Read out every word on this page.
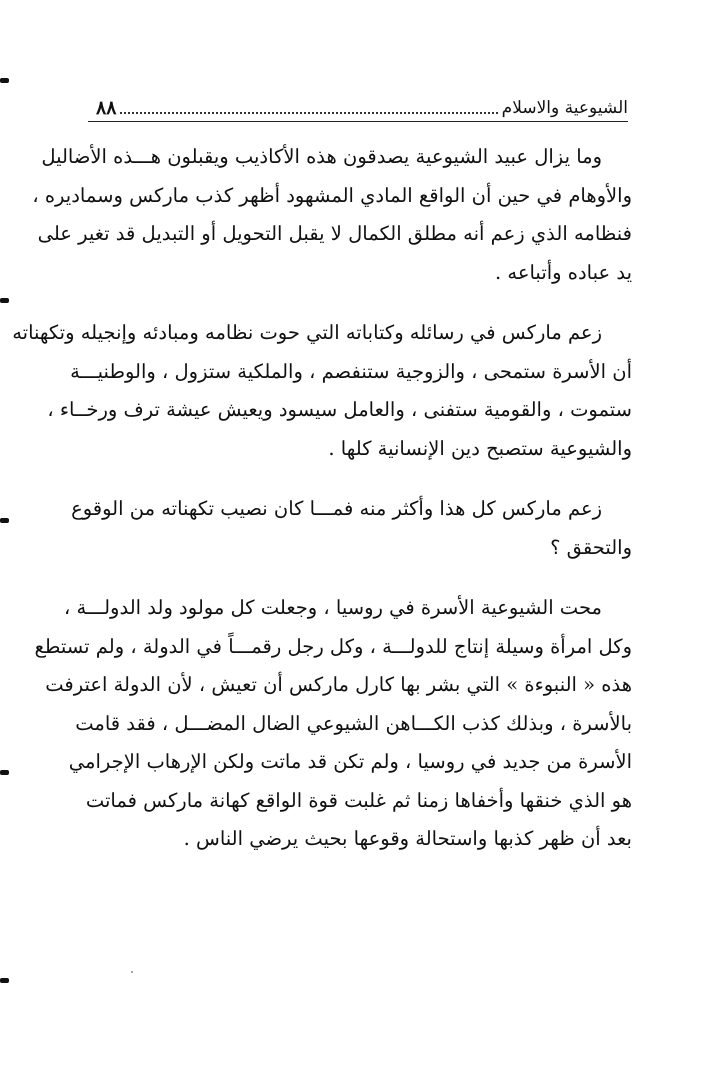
الشيوعية والاسلام
٨٨
وما يزال عبيد الشيوعية يصدقون هذه الأكاذيب ويقبلون هـــذه الأضاليل
والأوهام في حين أن الواقع المادي المشهود أظهر كذب ماركس وسماديره ،
فنظامه الذي زعم أنه مطلق الكمال لا يقبل التحويل أو التبديل قد تغير على
يد عباده وأتباعه .
زعم ماركس في رسائله وكتاباته التي حوت نظامه ومبادئه وإنجيله وتكهناته
أن الأسرة ستمحى ، والزوجية ستنفصم ، والملكية ستزول ، والوطنيـــة
ستموت ، والقومية ستفنى ، والعامل سيسود ويعيش عيشة ترف ورخــاء ،
والشيوعية ستصبح دين الإنسانية كلها .
زعم ماركس كل هذا وأكثر منه فمـــا كان نصيب تكهناته من الوقوع
والتحقق ؟
محت الشيوعية الأسرة في روسيا ، وجعلت كل مولود ولد الدولـــة ،
وكل امرأة وسيلة إنتاج للدولـــة ، وكل رجل رقمـــاً في الدولة ، ولم تستطع
هذه « النبوءة » التي بشر بها كارل ماركس أن تعيش ، لأن الدولة اعترفت
بالأسرة ، وبذلك كذب الكـــاهن الشيوعي الضال المضـــل ، فقد قامت
الأسرة من جديد في روسيا ، ولم تكن قد ماتت ولكن الإرهاب الإجرامي
هو الذي خنقها وأخفاها زمنا ثم غلبت قوة الواقع كهانة ماركس فماتت
بعد أن ظهر كذبها واستحالة وقوعها بحيث يرضي الناس .
